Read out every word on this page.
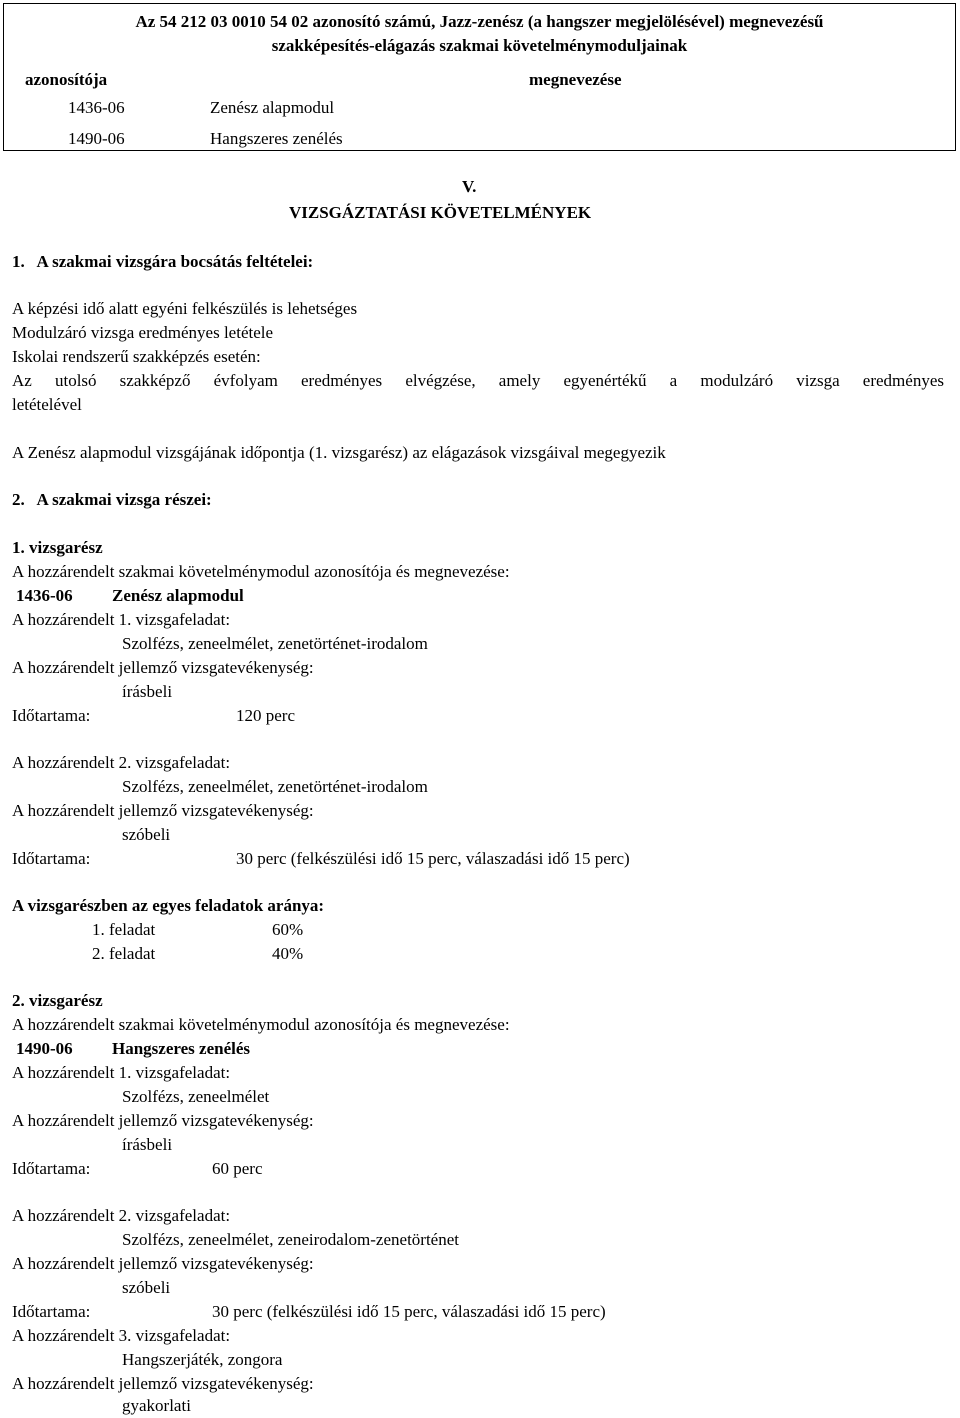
Az 54 212 03 0010 54 02 azonosító számú, Jazz-zenész (a hangszer megjelölésével) megnevezésű
szakképesítés-elágazás szakmai követelménymoduljainak
azonosítója	megnevezése
1436-06	Zenész alapmodul
1490-06	Hangszeres zenélés
V.
VIZSGÁZTATÁSI KÖVETELMÉNYEK
1.   A szakmai vizsgára bocsátás feltételei:
A képzési idő alatt egyéni felkészülés is lehetséges
Modulzáró vizsga eredményes letétele
Iskolai rendszerű szakképzés esetén:
Az utolsó szakképző évfolyam eredményes elvégzése, amely egyenértékű a modulzáró vizsga eredményes
letételével
A Zenész alapmodul vizsgájának időpontja (1. vizsgarész) az elágazások vizsgáival megegyezik
2.   A szakmai vizsga részei:
1. vizsgarész
A hozzárendelt szakmai követelménymodul azonosítója és megnevezése:
1436-06 Zenész alapmodul
A hozzárendelt 1. vizsgafeladat:
Szolfézs, zeneelmélet, zenetörténet-irodalom
A hozzárendelt jellemző vizsgatevékenység:
írásbeli
Időtartama:	120 perc
A hozzárendelt 2. vizsgafeladat:
Szolfézs, zeneelmélet, zenetörténet-irodalom
A hozzárendelt jellemző vizsgatevékenység:
szóbeli
Időtartama:	30 perc (felkészülési idő 15 perc, válaszadási idő 15 perc)
A vizsgarészben az egyes feladatok aránya:
1. feladat	60%
2. feladat	40%
2. vizsgarész
A hozzárendelt szakmai követelménymodul azonosítója és megnevezése:
1490-06 Hangszeres zenélés
A hozzárendelt 1. vizsgafeladat:
Szolfézs, zeneelmélet
A hozzárendelt jellemző vizsgatevékenység:
írásbeli
Időtartama:	60 perc
A hozzárendelt 2. vizsgafeladat:
Szolfézs, zeneelmélet, zeneirodalom-zenetörténet
A hozzárendelt jellemző vizsgatevékenység:
szóbeli
Időtartama:	30 perc (felkészülési idő 15 perc, válaszadási idő 15 perc)
A hozzárendelt 3. vizsgafeladat:
Hangszerjáték, zongora
A hozzárendelt jellemző vizsgatevékenység:
gyakorlati
